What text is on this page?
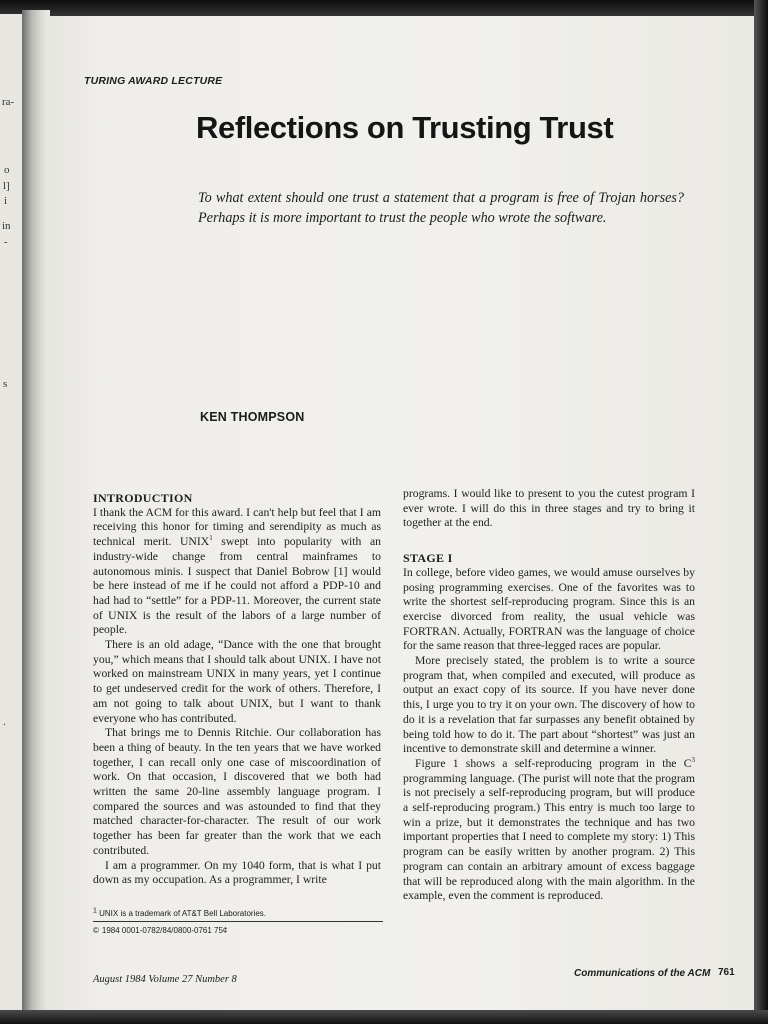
ra-
o
l]
i
in
-
s
.
TURING AWARD LECTURE
Reflections on Trusting Trust
To what extent should one trust a statement that a program is free of Trojan horses? Perhaps it is more important to trust the people who wrote the software.
KEN THOMPSON
INTRODUCTION

I thank the ACM for this award. I can't help but feel that I am receiving this honor for timing and serendipity as much as technical merit. UNIX$^1$ swept into popularity with an industry-wide change from central mainframes to autonomous minis. I suspect that Daniel Bobrow [1] would be here instead of me if he could not afford a PDP-10 and had had to “settle” for a PDP-11. Moreover, the current state of UNIX is the result of the labors of a large number of people.

There is an old adage, “Dance with the one that brought you,” which means that I should talk about UNIX. I have not worked on mainstream UNIX in many years, yet I continue to get undeserved credit for the work of others. Therefore, I am not going to talk about UNIX, but I want to thank everyone who has contributed.

That brings me to Dennis Ritchie. Our collaboration has been a thing of beauty. In the ten years that we have worked together, I can recall only one case of miscoordination of work. On that occasion, I discovered that we both had written the same 20-line assembly language program. I compared the sources and was astounded to find that they matched character-for-character. The result of our work together has been far greater than the work that we each contributed.

I am a programmer. On my 1040 form, that is what I put down as my occupation. As a programmer, I write

programs. I would like to present to you the cutest program I ever wrote. I will do this in three stages and try to bring it together at the end.

STAGE I

In college, before video games, we would amuse ourselves by posing programming exercises. One of the favorites was to write the shortest self-reproducing program. Since this is an exercise divorced from reality, the usual vehicle was FORTRAN. Actually, FORTRAN was the language of choice for the same reason that three-legged races are popular.

More precisely stated, the problem is to write a source program that, when compiled and executed, will produce as output an exact copy of its source. If you have never done this, I urge you to try it on your own. The discovery of how to do it is a revelation that far surpasses any benefit obtained by being told how to do it. The part about “shortest” was just an incentive to demonstrate skill and determine a winner.

Figure 1 shows a self-reproducing program in the $C^3$ programming language. (The purist will note that the program is not precisely a self-reproducing program, but will produce a self-reproducing program.) This entry is much too large to win a prize, but it demonstrates the technique and has two important properties that I need to complete my story: 1) This program can be easily written by another program. 2) This program can contain an arbitrary amount of excess baggage that will be reproduced along with the main algorithm. In the example, even the comment is reproduced.

$^1$ UNIX is a trademark of AT&T Bell Laboratories.
© 1984 0001-0782/84/0800-0761 75¢
August 1984 Volume 27 Number 8
Communications of the ACM 761
